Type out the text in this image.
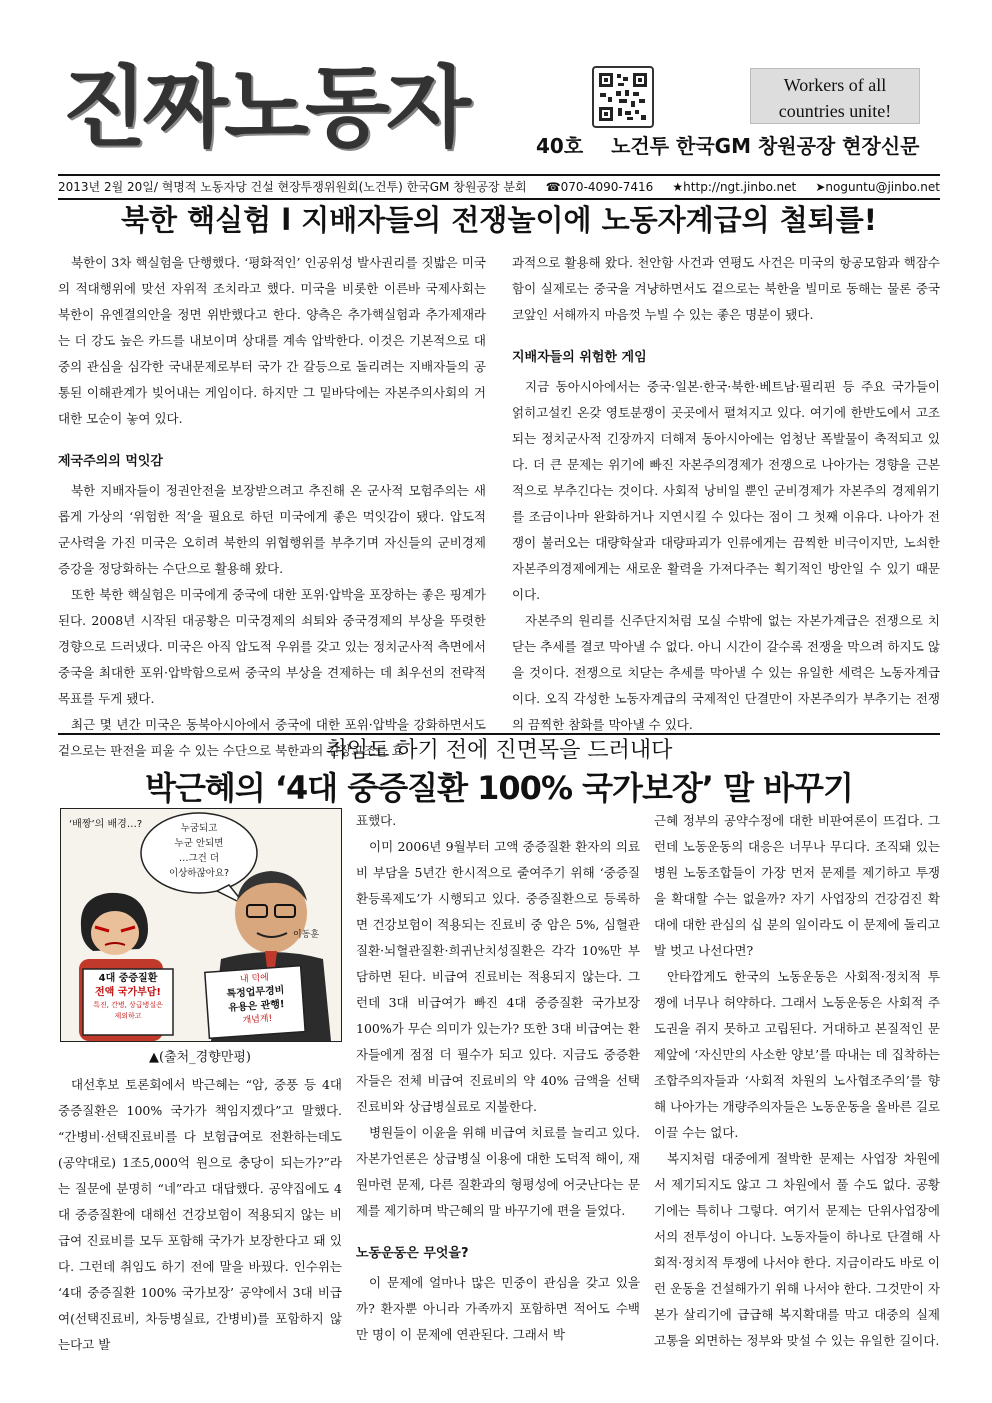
진짜노동자	Workers of all
countries unite!
40호 노건투 한국GM 창원공장 현장신문
2013년 2월 20일/ 혁명적 노동자당 건설 현장투쟁위원회(노건투) 한국GM 창원공장 분회 ☎070-4090-7416 ★http://ngt.jinbo.net ➤noguntu@jinbo.net
북한 핵실험 l 지배자들의 전쟁놀이에 노동자계급의 철퇴를!

북한이 3차 핵실험을 단행했다. ‘평화적인’ 인공위성 발사권리를 짓밟은 미국의 적대행위에 맞선 자위적 조치라고 했다. 미국을 비롯한 이른바 국제사회는 북한이 유엔결의안을 정면 위반했다고 한다. 양측은 추가핵실험과 추가제재라는 더 강도 높은 카드를 내보이며 상대를 계속 압박한다. 이것은 기본적으로 대중의 관심을 심각한 국내문제로부터 국가 간 갈등으로 돌리려는 지배자들의 공통된 이해관계가 빚어내는 게임이다. 하지만 그 밑바닥에는 자본주의사회의 거대한 모순이 놓여 있다.

제국주의의 먹잇감

북한 지배자들이 정권안전을 보장받으려고 추진해 온 군사적 모험주의는 새롭게 가상의 ‘위험한 적’을 필요로 하던 미국에게 좋은 먹잇감이 됐다. 압도적 군사력을 가진 미국은 오히려 북한의 위협행위를 부추기며 자신들의 군비경제 증강을 정당화하는 수단으로 활용해 왔다.

또한 북한 핵실험은 미국에게 중국에 대한 포위·압박을 포장하는 좋은 핑계가 된다. 2008년 시작된 대공황은 미국경제의 쇠퇴와 중국경제의 부상을 뚜렷한 경향으로 드러냈다. 미국은 아직 압도적 우위를 갖고 있는 정치군사적 측면에서 중국을 최대한 포위·압박함으로써 중국의 부상을 견제하는 데 최우선의 전략적 목표를 두게 됐다.

최근 몇 년간 미국은 동북아시아에서 중국에 대한 포위·압박을 강화하면서도 겉으로는 판전을 피울 수 있는 수단으로 북한과의 긴장고조를 효

과적으로 활용해 왔다. 천안함 사건과 연평도 사건은 미국의 항공모함과 핵잠수함이 실제로는 중국을 겨냥하면서도 겉으로는 북한을 빌미로 동해는 물론 중국 코앞인 서해까지 마음껏 누빌 수 있는 좋은 명분이 됐다.

지배자들의 위험한 게임

지금 동아시아에서는 중국·일본·한국·북한·베트남·필리핀 등 주요 국가들이 얽히고설킨 온갖 영토분쟁이 곳곳에서 펼쳐지고 있다. 여기에 한반도에서 고조되는 정치군사적 긴장까지 더해져 동아시아에는 엄청난 폭발물이 축적되고 있다. 더 큰 문제는 위기에 빠진 자본주의경제가 전쟁으로 나아가는 경향을 근본적으로 부추긴다는 것이다. 사회적 낭비일 뿐인 군비경제가 자본주의 경제위기를 조금이나마 완화하거나 지연시킬 수 있다는 점이 그 첫째 이유다. 나아가 전쟁이 불러오는 대량학살과 대량파괴가 인류에게는 끔찍한 비극이지만, 노쇠한 자본주의경제에게는 새로운 활력을 가져다주는 획기적인 방안일 수 있기 때문이다.

자본주의 원리를 신주단지처럼 모실 수밖에 없는 자본가계급은 전쟁으로 치닫는 추세를 결코 막아낼 수 없다. 아니 시간이 갈수록 전쟁을 막으려 하지도 않을 것이다. 전쟁으로 치닫는 추세를 막아낼 수 있는 유일한 세력은 노동자계급이다. 오직 각성한 노동자계급의 국제적인 단결만이 자본주의가 부추기는 전쟁의 끔찍한 참화를 막아낼 수 있다.

취임도 하기 전에 진면목을 드러내다
박근혜의 ‘4대 중증질환 100% 국가보장’ 말 바꾸기
‘배짱’의 배경…?	누굼되고
누군 안되면
…그건 더
이상하잖아요?
이동훈
4대 중증질환
전액 국가부담!
특진, 간병, 상급병실은
제외하고
내 덕에
특정업무경비
유용은 관행!
개념계!
▲(출처_경향만평)

대선후보 토론회에서 박근혜는 “암, 중풍 등 4대 중증질환은 100% 국가가 책임지겠다”고 말했다. “간병비·선택진료비를 다 보험급여로 전환하는데도 (공약대로) 1조5,000억 원으로 충당이 되는가?”라는 질문에 분명히 “네”라고 대답했다. 공약집에도 4대 중증질환에 대해선 건강보험이 적용되지 않는 비급여 진료비를 모두 포함해 국가가 보장한다고 돼 있다. 그런데 취임도 하기 전에 말을 바꿨다. 인수위는 ‘4대 중증질환 100% 국가보장’ 공약에서 3대 비급여(선택진료비, 차등병실료, 간병비)를 포함하지 않는다고 발

표했다.

이미 2006년 9월부터 고액 중증질환 환자의 의료비 부담을 5년간 한시적으로 줄여주기 위해 ‘중증질환등록제도’가 시행되고 있다. 중증질환으로 등록하면 건강보험이 적용되는 진료비 중 암은 5%, 심혈관질환·뇌혈관질환·희귀난치성질환은 각각 10%만 부담하면 된다. 비급여 진료비는 적용되지 않는다. 그런데 3대 비급여가 빠진 4대 중증질환 국가보장 100%가 무슨 의미가 있는가? 또한 3대 비급여는 환자들에게 점점 더 필수가 되고 있다. 지금도 중증환자들은 전체 비급여 진료비의 약 40% 금액을 선택진료비와 상급병실료로 지불한다.

병원들이 이윤을 위해 비급여 치료를 늘리고 있다. 자본가언론은 상급병실 이용에 대한 도덕적 해이, 재원마련 문제, 다른 질환과의 형평성에 어긋난다는 문제를 제기하며 박근혜의 말 바꾸기에 편을 들었다.

노동운동은 무엇을?

이 문제에 얼마나 많은 민중이 관심을 갖고 있을까? 환자뿐 아니라 가족까지 포함하면 적어도 수백만 명이 이 문제에 연관된다. 그래서 박

근혜 정부의 공약수정에 대한 비판여론이 뜨겁다. 그런데 노동운동의 대응은 너무나 무디다. 조직돼 있는 병원 노동조합들이 가장 먼저 문제를 제기하고 투쟁을 확대할 수는 없을까? 자기 사업장의 건강검진 확대에 대한 관심의 십 분의 일이라도 이 문제에 돌리고 발 벗고 나선다면?

안타깝게도 한국의 노동운동은 사회적·정치적 투쟁에 너무나 허약하다. 그래서 노동운동은 사회적 주도권을 쥐지 못하고 고립된다. 거대하고 본질적인 문제앞에 ‘자신만의 사소한 양보’를 따내는 데 집착하는 조합주의자들과 ‘사회적 차원의 노사협조주의’를 향해 나아가는 개량주의자들은 노동운동을 올바른 길로 이끌 수는 없다.

복지처럼 대중에게 절박한 문제는 사업장 차원에서 제기되지도 않고 그 차원에서 풀 수도 없다. 공황기에는 특히나 그렇다. 여기서 문제는 단위사업장에서의 전투성이 아니다. 노동자들이 하나로 단결해 사회적·정치적 투쟁에 나서야 한다. 지금이라도 바로 이런 운동을 건설해가기 위해 나서야 한다. 그것만이 자본가 살리기에 급급해 복지확대를 막고 대중의 실제 고통을 외면하는 정부와 맞설 수 있는 유일한 길이다.
